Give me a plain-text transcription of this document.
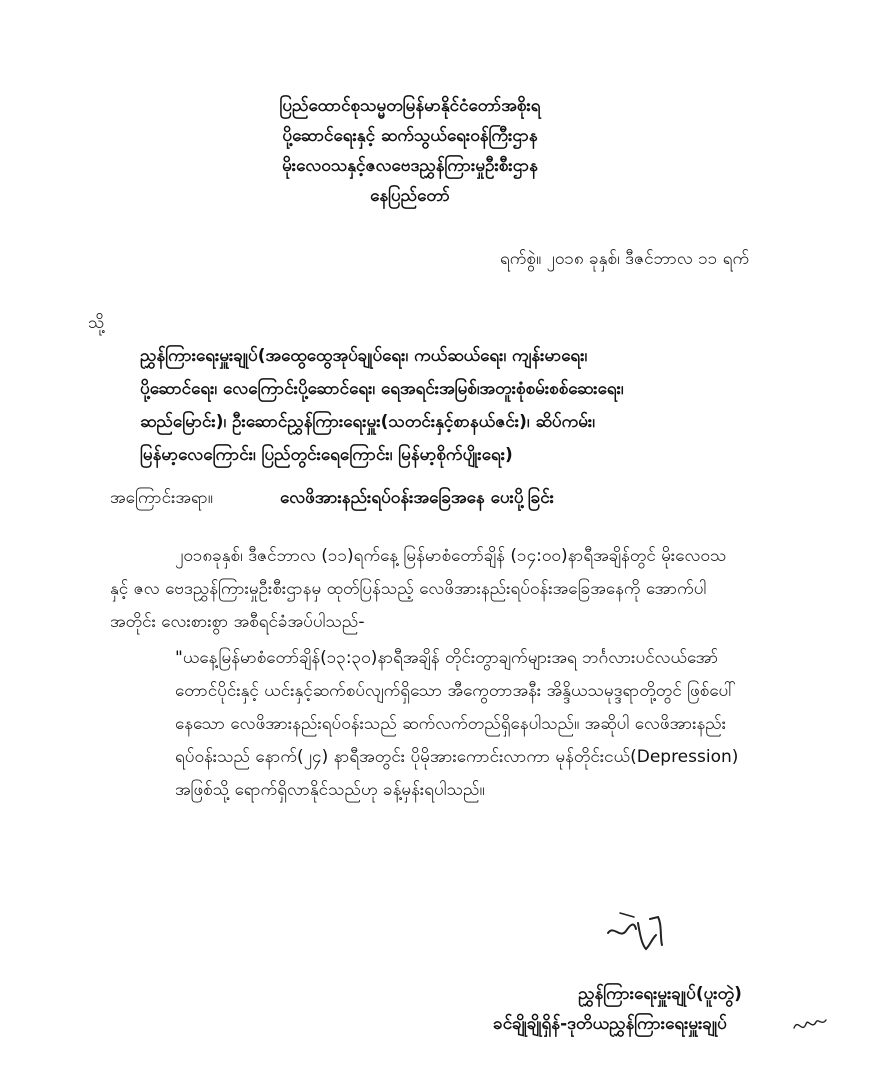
ပြည်ထောင်စုသမ္မတမြန်မာနိုင်ငံတော်အစိုးရ
ပို့ဆောင်ရေးနှင့် ဆက်သွယ်ရေးဝန်ကြီးဌာန
မိုးလေဝသနှင့်ဇလဗေဒညွှန်ကြားမှုဦးစီးဌာန
နေပြည်တော်
ရက်စွဲ။ ၂၀၁၈ ခုနှစ်၊ ဒီဇင်ဘာလ ၁၁ ရက်
သို့
ညွှန်ကြားရေးမှူးချုပ်(အထွေထွေအုပ်ချုပ်ရေး၊ ကယ်ဆယ်ရေး၊ ကျန်းမာရေး၊
ပို့ဆောင်ရေး၊ လေကြောင်းပို့ဆောင်ရေး၊ ရေအရင်းအမြစ်၊အတူးစုံစမ်းစစ်ဆေးရေး၊
ဆည်မြောင်း)၊ ဦးဆောင်ညွှန်ကြားရေးမှူး(သတင်းနှင့်စာနယ်ဇင်း)၊ ဆိပ်ကမ်း၊
မြန်မာ့လေကြောင်း၊ ပြည်တွင်းရေကြောင်း၊ မြန်မာ့စိုက်ပျိုးရေး)
အကြောင်းအရာ။	လေဖိအားနည်းရပ်ဝန်းအခြေအနေ ပေးပို့ခြင်း
၂၀၁၈ခုနှစ်၊ ဒီဇင်ဘာလ (၁၁)ရက်နေ့ မြန်မာစံတော်ချိန် (၁၄:၀၀)နာရီအချိန်တွင် မိုးလေဝသ
နှင့် ဇလ ဗေဒညွှန်ကြားမှုဦးစီးဌာနမှ ထုတ်ပြန်သည့် လေဖိအားနည်းရပ်ဝန်းအခြေအနေကို အောက်ပါ
အတိုင်း လေးစားစွာ အစီရင်ခံအပ်ပါသည်-
"ယနေ့မြန်မာစံတော်ချိန်(၁၃:၃၀)နာရီအချိန် တိုင်းတွာချက်များအရ ဘင်္ဂလားပင်လယ်အော်
တောင်ပိုင်းနှင့် ယင်းနှင့်ဆက်စပ်လျက်ရှိသော အီကွေတာအနီး အိန္ဒိယသမုဒ္ဒရာတို့တွင် ဖြစ်ပေါ်
နေသော လေဖိအားနည်းရပ်ဝန်းသည် ဆက်လက်တည်ရှိနေပါသည်။ အဆိုပါ လေဖိအားနည်း
ရပ်ဝန်းသည် နောက်(၂၄) နာရီအတွင်း ပိုမိုအားကောင်းလာကာ မုန်တိုင်းငယ်(Depression)
အဖြစ်သို့ ရောက်ရှိလာနိုင်သည်ဟု ခန့်မှန်းရပါသည်။
ညွှန်ကြားရေးမှူးချုပ်(ပူးတွဲ)
ခင်ချိုချိုရှိန်-ဒုတိယညွှန်ကြားရေးမှူးချုပ်
